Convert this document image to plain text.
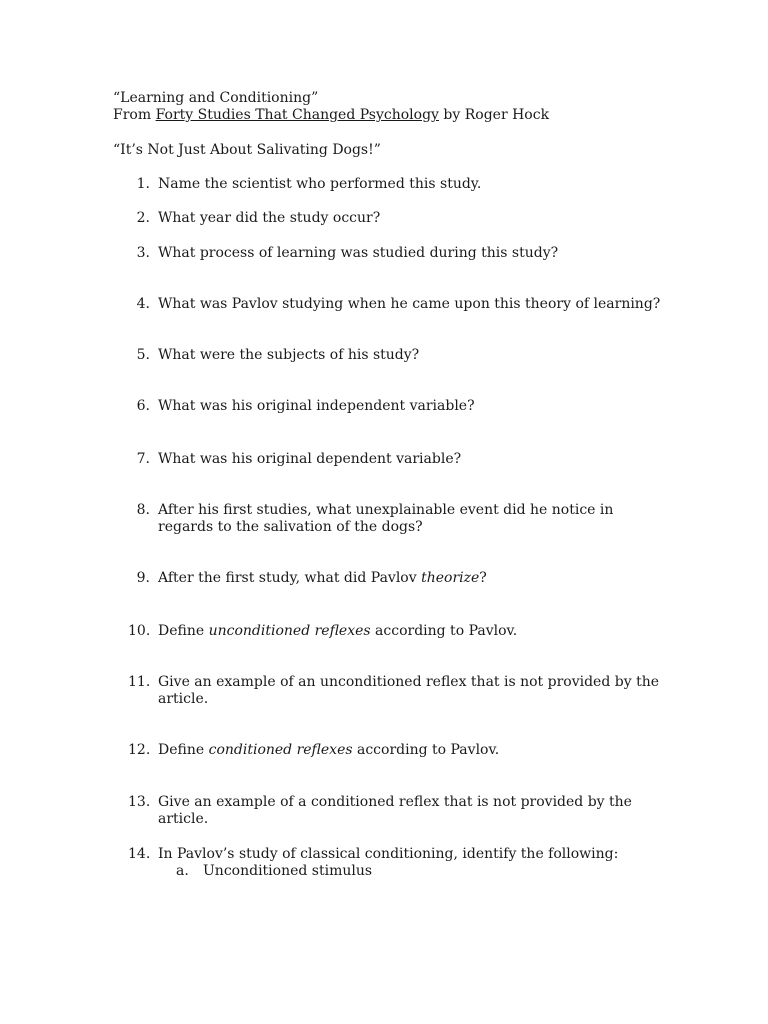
“Learning and Conditioning”
From Forty Studies That Changed Psychology by Roger Hock
“It’s Not Just About Salivating Dogs!”
1. Name the scientist who performed this study.
2. What year did the study occur?
3. What process of learning was studied during this study?
4. What was Pavlov studying when he came upon this theory of learning?
5. What were the subjects of his study?
6. What was his original independent variable?
7. What was his original dependent variable?
8. After his first studies, what unexplainable event did he notice in regards to the salivation of the dogs?
9. After the first study, what did Pavlov theorize?
10. Define unconditioned reflexes according to Pavlov.
11. Give an example of an unconditioned reflex that is not provided by the article.
12. Define conditioned reflexes according to Pavlov.
13. Give an example of a conditioned reflex that is not provided by the article.
14. In Pavlov’s study of classical conditioning, identify the following:
a. Unconditioned stimulus
